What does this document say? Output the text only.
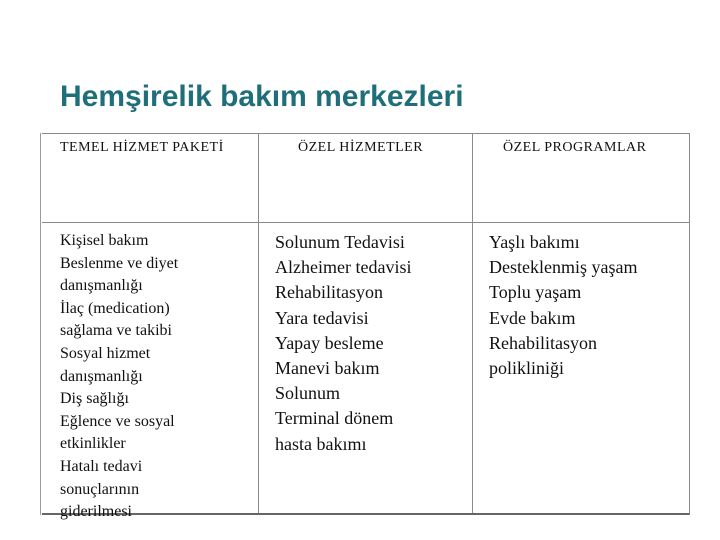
Hemşirelik bakım merkezleri
TEMEL HİZMET PAKETİ	ÖZEL HİZMETLER	ÖZEL PROGRAMLAR
Kişisel bakım
Beslenme ve diyet
danışmanlığı
İlaç (medication)
sağlama ve takibi
Sosyal hizmet
danışmanlığı
Diş sağlığı
Eğlence ve sosyal
etkinlikler
Hatalı tedavi
sonuçlarının
giderilmesi
Solunum Tedavisi
Alzheimer tedavisi
Rehabilitasyon
Yara tedavisi
Yapay besleme
Manevi bakım
Solunum
Terminal dönem
hasta bakımı
Yaşlı bakımı
Desteklenmiş yaşam
Toplu yaşam
Evde bakım
Rehabilitasyon
polikliniği
